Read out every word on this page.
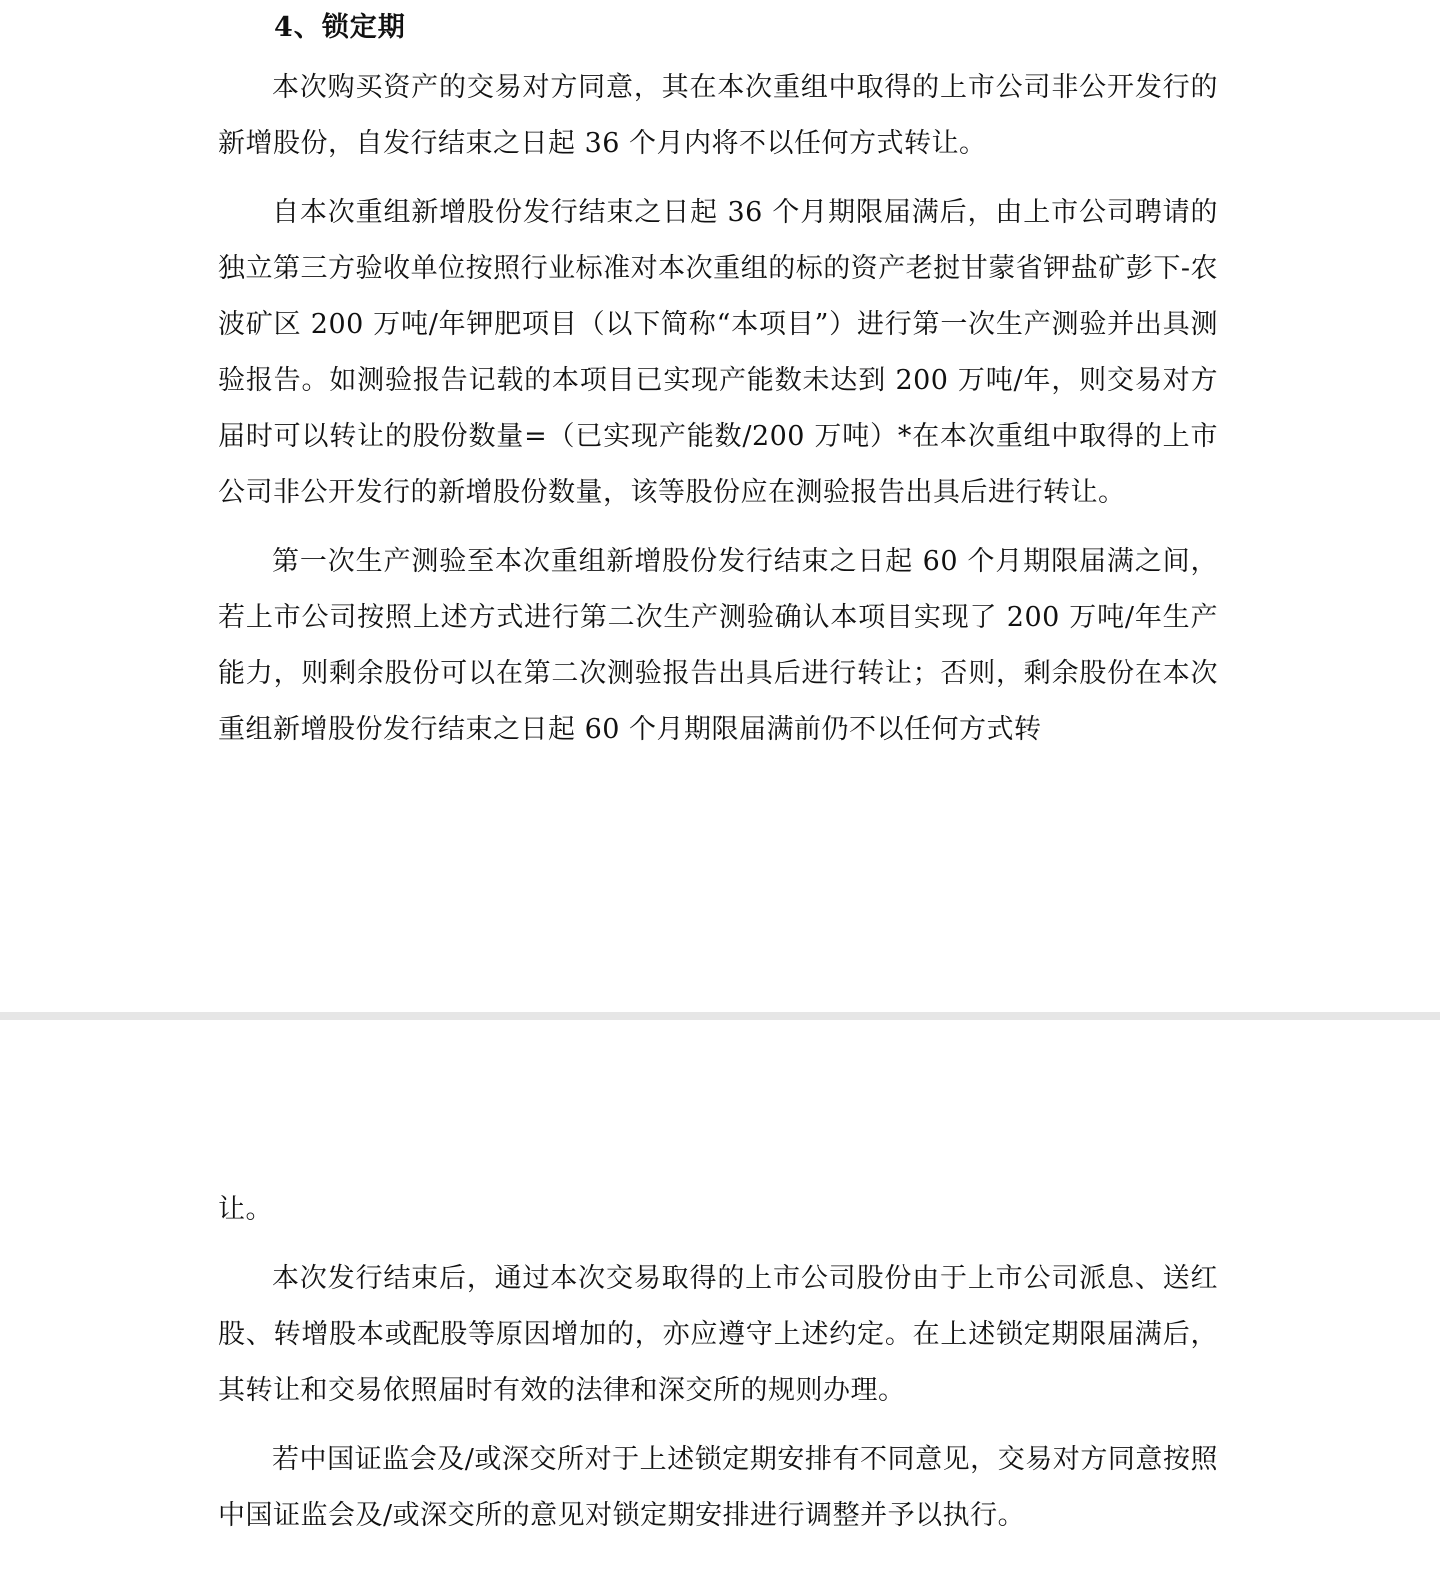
4、锁定期

本次购买资产的交易对方同意，其在本次重组中取得的上市公司非公开发行的新增股份，自发行结束之日起 36 个月内将不以任何方式转让。

自本次重组新增股份发行结束之日起 36 个月期限届满后，由上市公司聘请的独立第三方验收单位按照行业标准对本次重组的标的资产老挝甘蒙省钾盐矿彭下-农波矿区 200 万吨/年钾肥项目（以下简称“本项目”）进行第一次生产测验并出具测验报告。如测验报告记载的本项目已实现产能数未达到 200 万吨/年，则交易对方届时可以转让的股份数量=（已实现产能数/200 万吨）*在本次重组中取得的上市公司非公开发行的新增股份数量，该等股份应在测验报告出具后进行转让。

第一次生产测验至本次重组新增股份发行结束之日起 60 个月期限届满之间，若上市公司按照上述方式进行第二次生产测验确认本项目实现了 200 万吨/年生产能力，则剩余股份可以在第二次测验报告出具后进行转让；否则，剩余股份在本次重组新增股份发行结束之日起 60 个月期限届满前仍不以任何方式转

让。

本次发行结束后，通过本次交易取得的上市公司股份由于上市公司派息、送红股、转增股本或配股等原因增加的，亦应遵守上述约定。在上述锁定期限届满后，其转让和交易依照届时有效的法律和深交所的规则办理。

若中国证监会及/或深交所对于上述锁定期安排有不同意见，交易对方同意按照中国证监会及/或深交所的意见对锁定期安排进行调整并予以执行。
